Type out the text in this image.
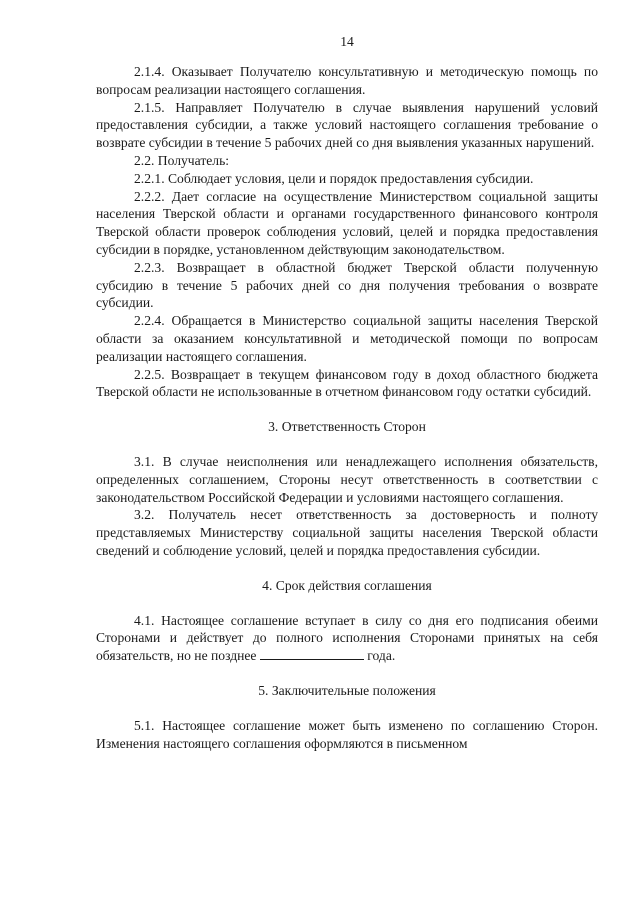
14

2.1.4. Оказывает Получателю консультативную и методическую помощь по вопросам реализации настоящего соглашения.

2.1.5. Направляет Получателю в случае выявления нарушений условий предоставления субсидии, а также условий настоящего соглашения требование о возврате субсидии в течение 5 рабочих дней со дня выявления указанных нарушений.

2.2. Получатель:

2.2.1. Соблюдает условия, цели и порядок предоставления субсидии.

2.2.2. Дает согласие на осуществление Министерством социальной защиты населения Тверской области и органами государственного финансового контроля Тверской области проверок соблюдения условий, целей и порядка предоставления субсидии в порядке, установленном действующим законодательством.

2.2.3. Возвращает в областной бюджет Тверской области полученную субсидию в течение 5 рабочих дней со дня получения требования о возврате субсидии.

2.2.4. Обращается в Министерство социальной защиты населения Тверской области за оказанием консультативной и методической помощи по вопросам реализации настоящего соглашения.

2.2.5. Возвращает в текущем финансовом году в доход областного бюджета Тверской области не использованные в отчетном финансовом году остатки субсидий.

3. Ответственность Сторон

3.1. В случае неисполнения или ненадлежащего исполнения обязательств, определенных соглашением, Стороны несут ответственность в соответствии с законодательством Российской Федерации и условиями настоящего соглашения.

3.2. Получатель несет ответственность за достоверность и полноту представляемых Министерству социальной защиты населения Тверской области сведений и соблюдение условий, целей и порядка предоставления субсидии.

4. Срок действия соглашения

4.1. Настоящее соглашение вступает в силу со дня его подписания обеими Сторонами и действует до полного исполнения Сторонами принятых на себя обязательств, но не позднее	года.

5. Заключительные положения

5.1. Настоящее соглашение может быть изменено по соглашению Сторон. Изменения настоящего соглашения оформляются в письменном
